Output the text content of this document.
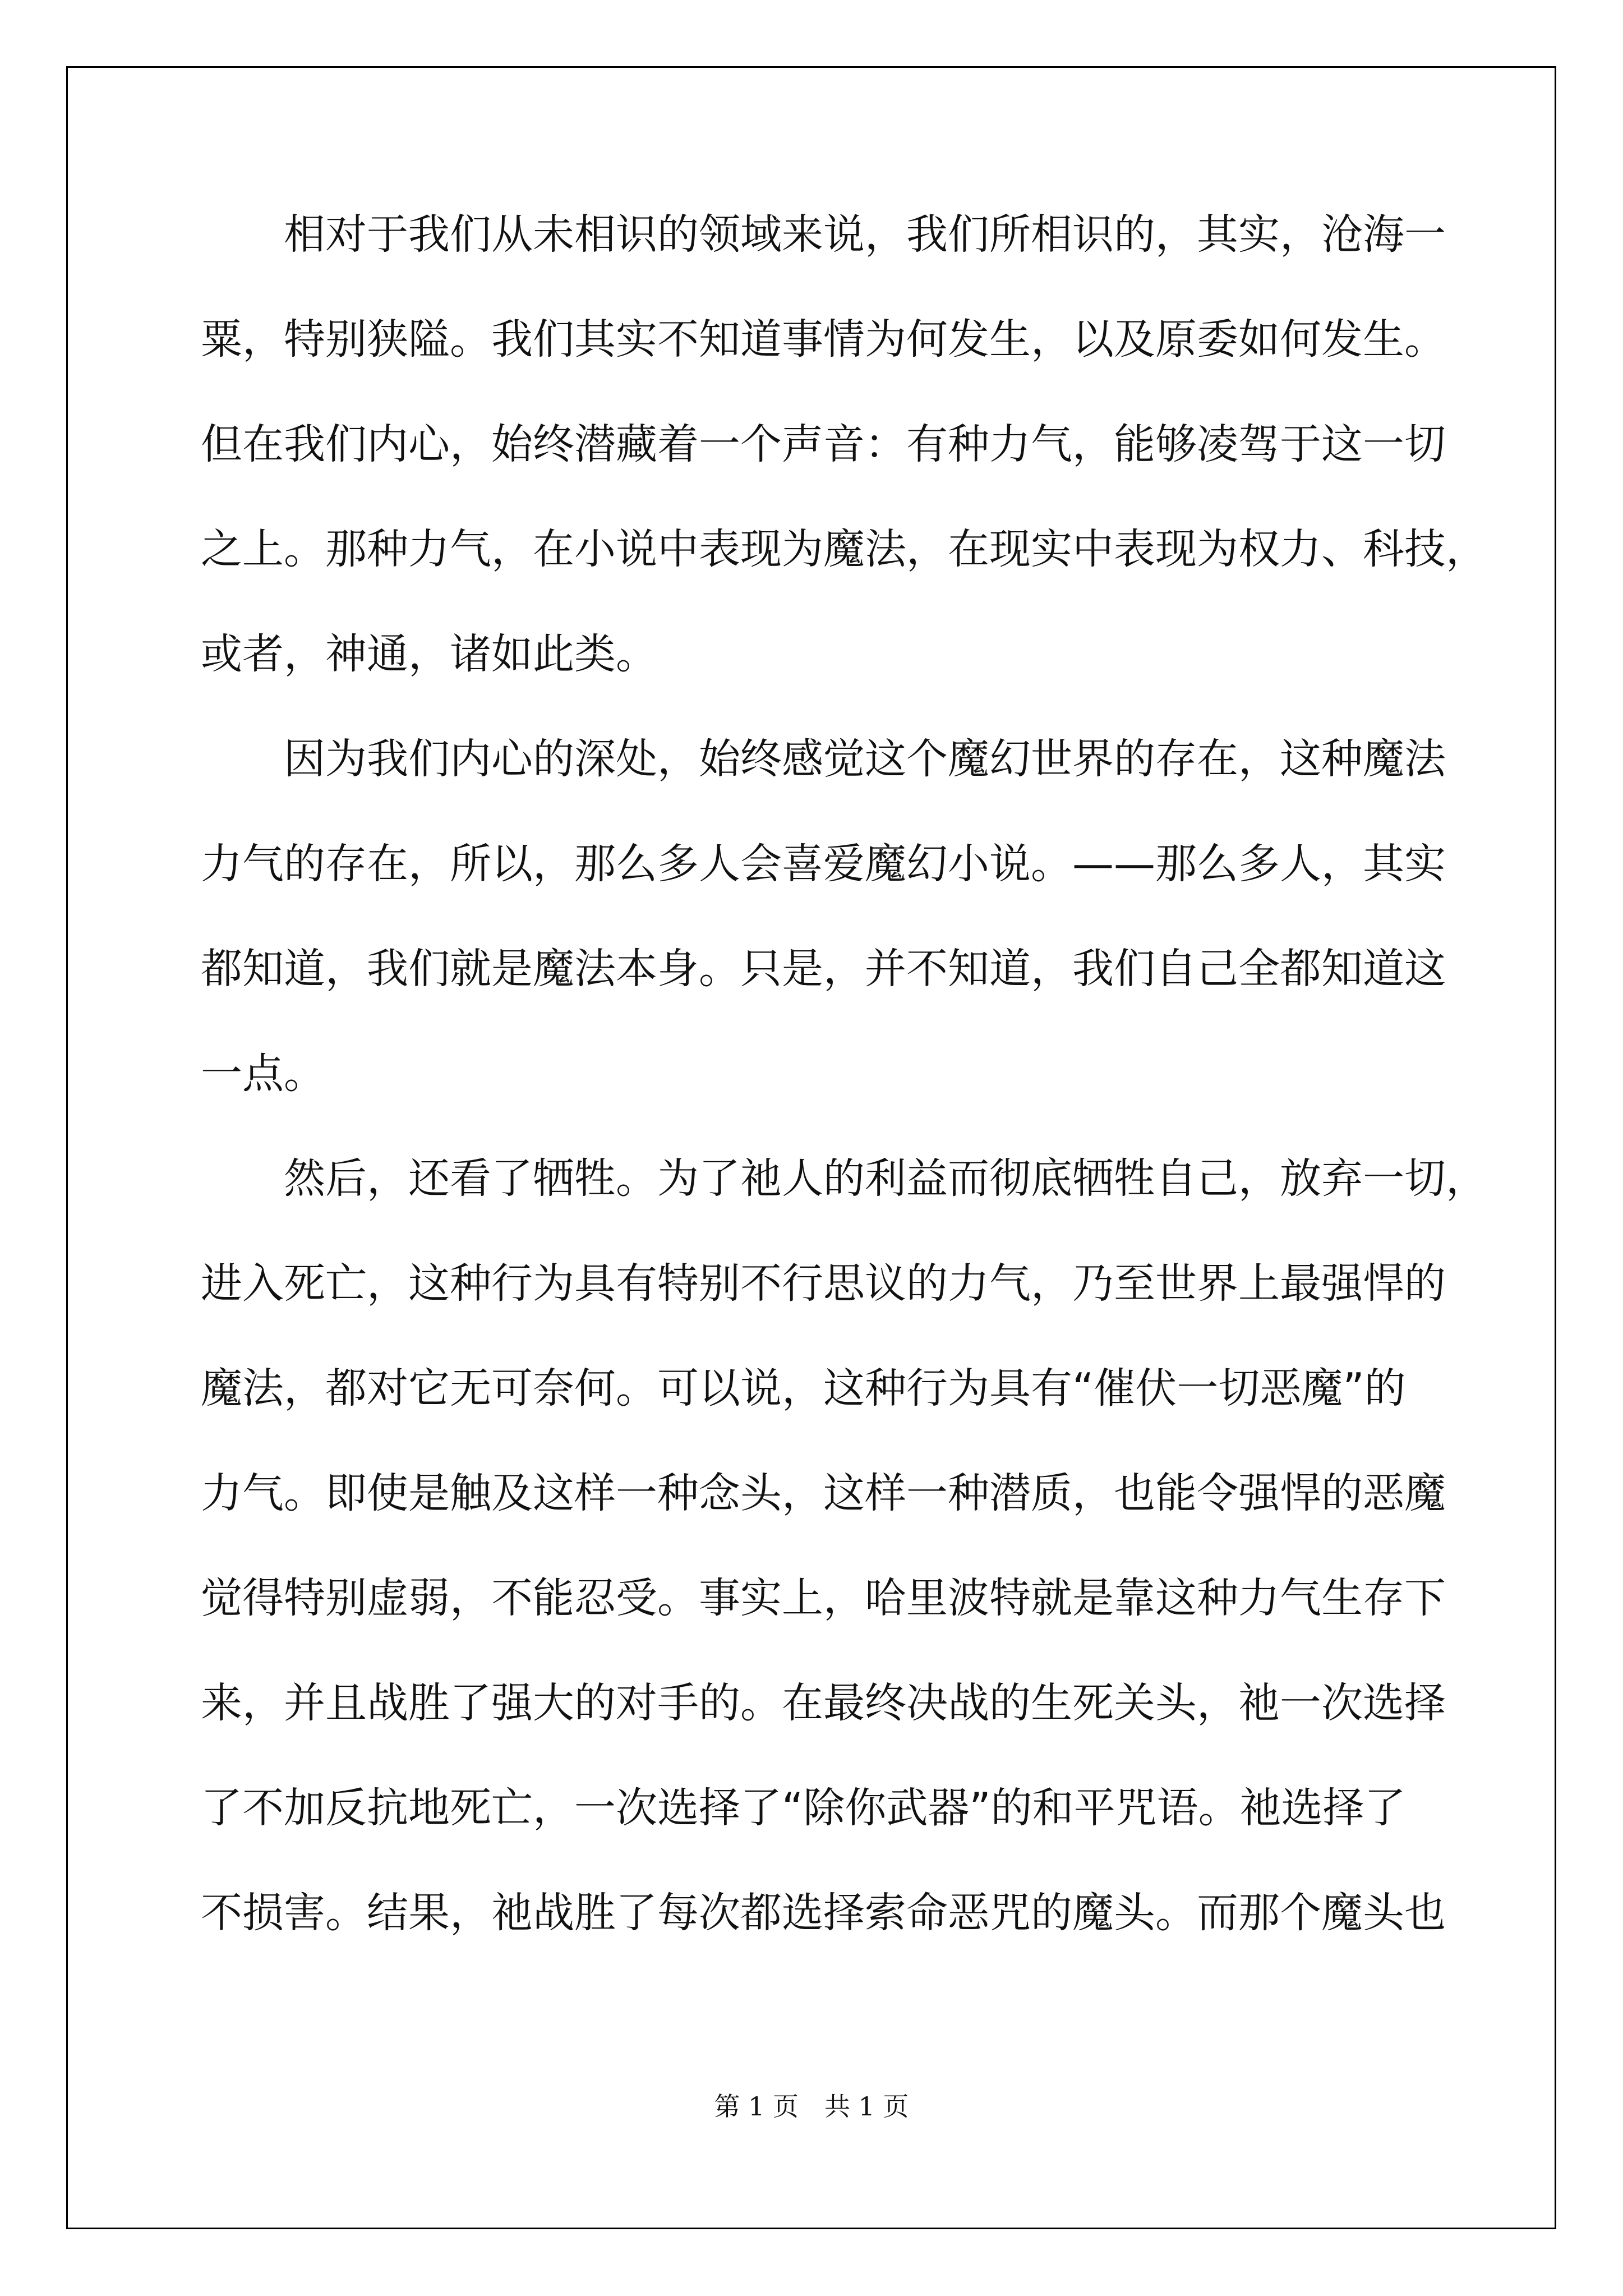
　　相对于我们从未相识的领域来说，我们所相识的，其实，沧海一

粟，特别狭隘。我们其实不知道事情为何发生，以及原委如何发生。

但在我们内心，始终潜藏着一个声音：有种力气，能够凌驾于这一切

之上。那种力气，在小说中表现为魔法，在现实中表现为权力、科技，

或者，神通，诸如此类。

　　因为我们内心的深处，始终感觉这个魔幻世界的存在，这种魔法

力气的存在，所以，那么多人会喜爱魔幻小说。——那么多人，其实

都知道，我们就是魔法本身。只是，并不知道，我们自己全都知道这

一点。

　　然后，还看了牺牲。为了祂人的利益而彻底牺牲自己，放弃一切，

进入死亡，这种行为具有特别不行思议的力气，乃至世界上最强悍的

魔法，都对它无可奈何。可以说，这种行为具有“催伏一切恶魔”的

力气。即使是触及这样一种念头，这样一种潜质，也能令强悍的恶魔

觉得特别虚弱，不能忍受。事实上，哈里波特就是靠这种力气生存下

来，并且战胜了强大的对手的。在最终决战的生死关头，祂一次选择

了不加反抗地死亡，一次选择了“除你武器”的和平咒语。祂选择了

不损害。结果，祂战胜了每次都选择索命恶咒的魔头。而那个魔头也

第 1 页　共 1 页
